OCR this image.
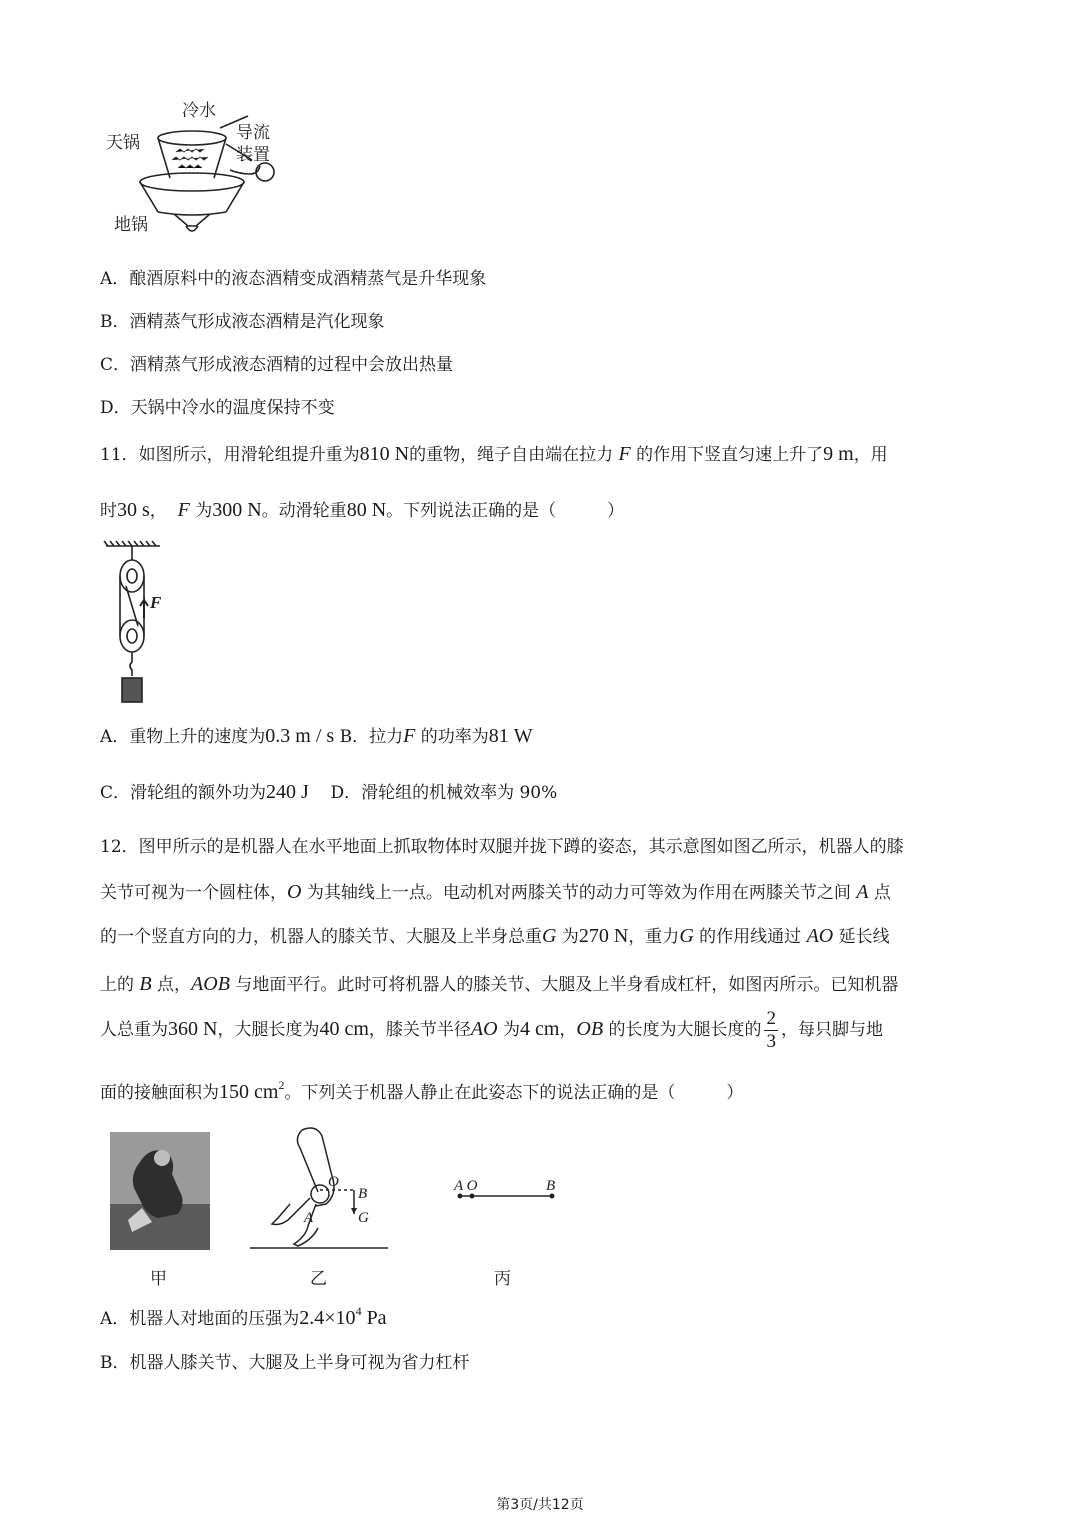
冷水
天锅	导流
装置
地锅
A．酿酒原料中的液态酒精变成酒精蒸气是升华现象
B．酒精蒸气形成液态酒精是汽化现象
C．酒精蒸气形成液态酒精的过程中会放出热量
D．天锅中冷水的温度保持不变
11．如图所示，用滑轮组提升重为810 N的重物，绳子自由端在拉力 F 的作用下竖直匀速上升了9 m，用
时30 s， F 为300 N。动滑轮重80 N。下列说法正确的是（　　　）
F
A．重物上升的速度为0.3 m / s B．拉力F 的功率为81 W
C．滑轮组的额外功为240 J D．滑轮组的机械效率为 90%
12．图甲所示的是机器人在水平地面上抓取物体时双腿并拢下蹲的姿态，其示意图如图乙所示，机器人的膝
关节可视为一个圆柱体，O 为其轴线上一点。电动机对两膝关节的动力可等效为作用在两膝关节之间 A 点
的一个竖直方向的力，机器人的膝关节、大腿及上半身总重G 为270 N，重力G 的作用线通过 AO 延长线
上的 B 点，AOB 与地面平行。此时可将机器人的膝关节、大腿及上半身看成杠杆，如图丙所示。已知机器
人总重为360 N，大腿长度为40 cm，膝关节半径AO 为4 cm，OB 的长度为大腿长度的 $\frac{2}{3}$ ，每只脚与地
面的接触面积为150 $cm^2$。下列关于机器人静止在此姿态下的说法正确的是（　　　）
O
B
A	G
A O	B
甲	乙	丙
A．机器人对地面的压强为$2.4\times 10^4$ Pa
B．机器人膝关节、大腿及上半身可视为省力杠杆
第3页/共12页
